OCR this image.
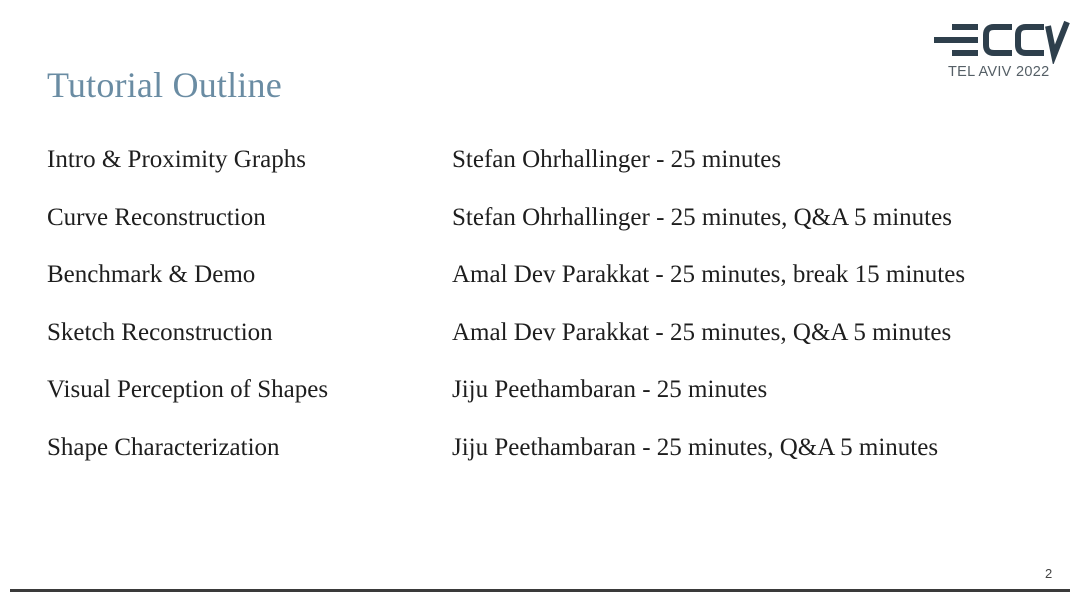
Tutorial Outline	TEL AVIV 2022
Intro & Proximity Graphs	Stefan Ohrhallinger - 25 minutes
Curve Reconstruction	Stefan Ohrhallinger - 25 minutes, Q&A 5 minutes
Benchmark & Demo	Amal Dev Parakkat - 25 minutes, break 15 minutes
Sketch Reconstruction	Amal Dev Parakkat - 25 minutes, Q&A 5 minutes
Visual Perception of Shapes	Jiju Peethambaran - 25 minutes
Shape Characterization	Jiju Peethambaran - 25 minutes, Q&A 5 minutes
2
